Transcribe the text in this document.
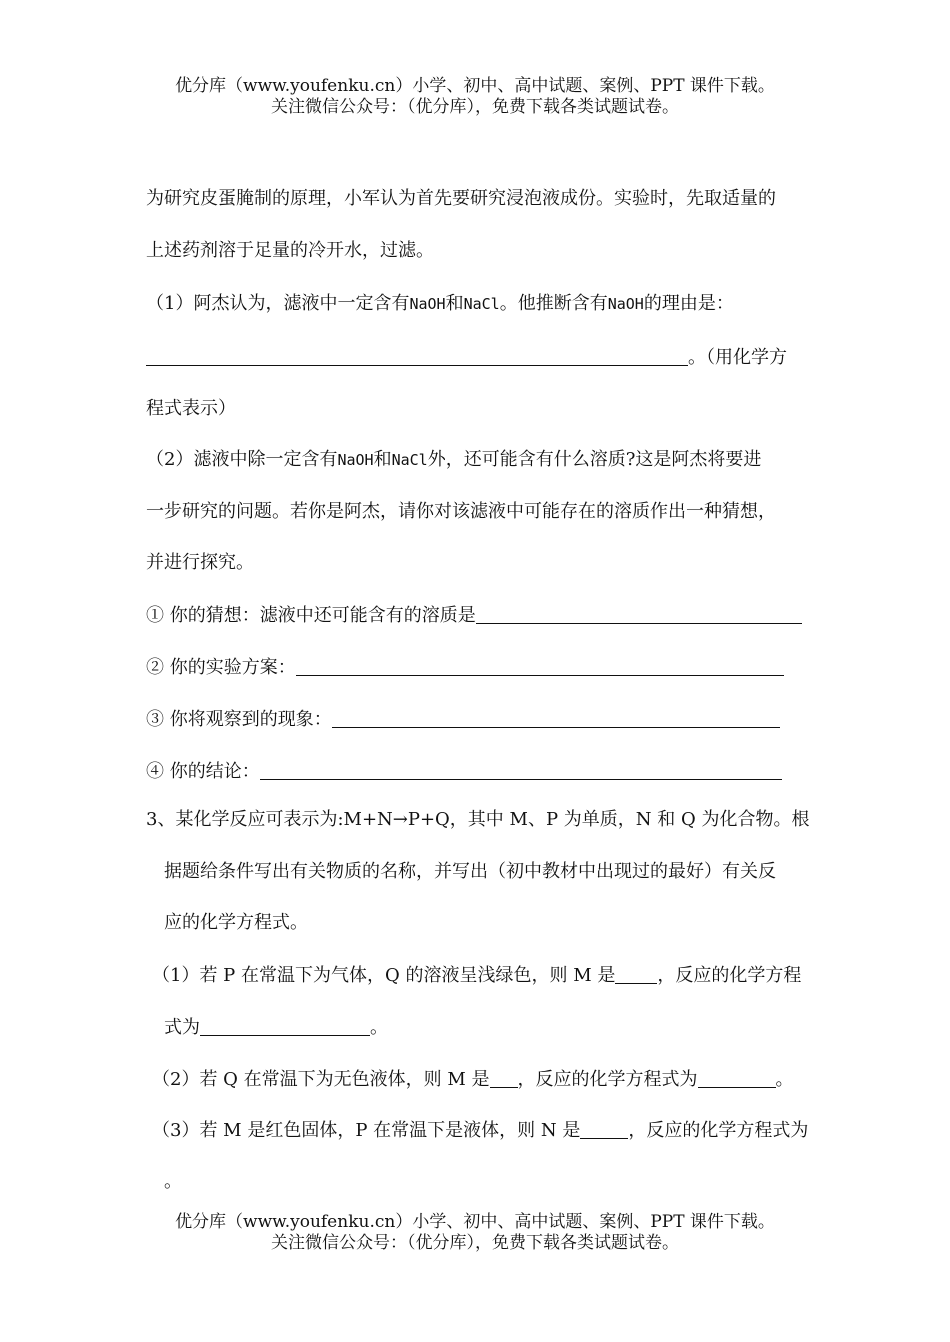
优分库（www.youfenku.cn）小学、初中、高中试题、案例、PPT 课件下载。
关注微信公众号：（优分库），免费下载各类试题试卷。
为研究皮蛋腌制的原理，小军认为首先要研究浸泡液成份。实验时，先取适量的
上述药剂溶于足量的冷开水，过滤。
（1）阿杰认为，滤液中一定含有NaOH和NaCl。他推断含有NaOH的理由是：
。（用化学方
程式表示）
（2）滤液中除一定含有NaOH和NaCl外，还可能含有什么溶质?这是阿杰将要进
一步研究的问题。若你是阿杰，请你对该滤液中可能存在的溶质作出一种猜想，
并进行探究。
① 你的猜想：滤液中还可能含有的溶质是
② 你的实验方案：
③ 你将观察到的现象：
④ 你的结论：
3、某化学反应可表示为:M+N→P+Q，其中 M、P 为单质，N 和 Q 为化合物。根
据题给条件写出有关物质的名称，并写出（初中教材中出现过的最好）有关反
应的化学方程式。
（1）若 P 在常温下为气体，Q 的溶液呈浅绿色，则 M 是 ，反应的化学方程
式为	。
（2）若 Q 在常温下为无色液体，则 M 是 ，反应的化学方程式为	。
（3）若 M 是红色固体，P 在常温下是液体，则 N 是	，反应的化学方程式为
。
优分库（www.youfenku.cn）小学、初中、高中试题、案例、PPT 课件下载。
关注微信公众号：（优分库），免费下载各类试题试卷。
